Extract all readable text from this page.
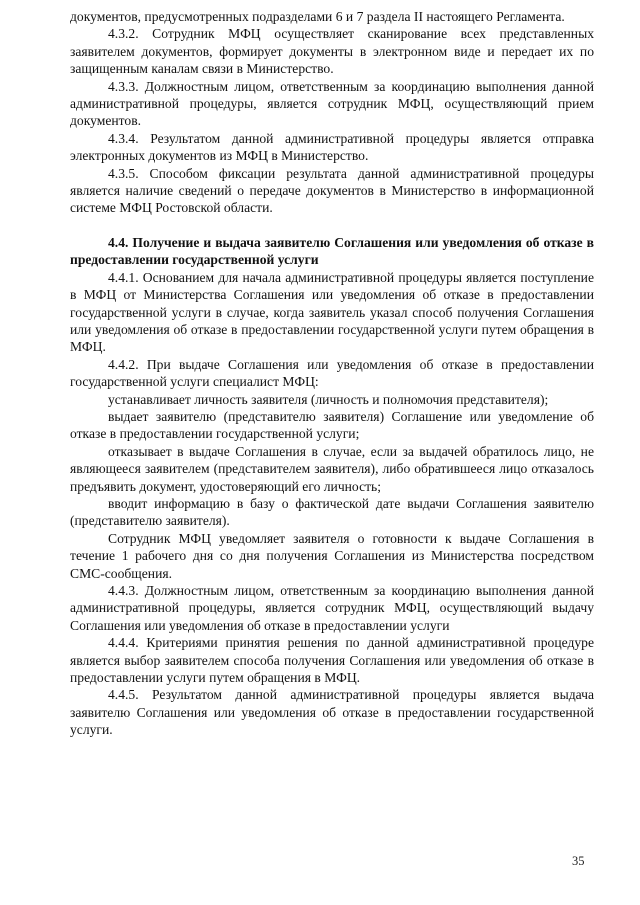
документов, предусмотренных подразделами 6 и 7 раздела II настоящего Регламента.

4.3.2. Сотрудник МФЦ осуществляет сканирование всех представленных заявителем документов, формирует документы в электронном виде и передает их по защищенным каналам связи в Министерство.

4.3.3. Должностным лицом, ответственным за координацию выполнения данной административной процедуры, является сотрудник МФЦ, осуществляющий прием документов.

4.3.4. Результатом данной административной процедуры является отправка электронных документов из МФЦ в Министерство.

4.3.5. Способом фиксации результата данной административной процедуры является наличие сведений о передаче документов в Министерство в информационной системе МФЦ Ростовской области.

4.4. Получение и выдача заявителю Соглашения или уведомления об отказе в предоставлении государственной услуги

4.4.1. Основанием для начала административной процедуры является поступление в МФЦ от Министерства Соглашения или уведомления об отказе в предоставлении государственной услуги в случае, когда заявитель указал способ получения Соглашения или уведомления об отказе в предоставлении государственной услуги путем обращения в МФЦ.

4.4.2. При выдаче Соглашения или уведомления об отказе в предоставлении государственной услуги специалист МФЦ:

устанавливает личность заявителя (личность и полномочия представителя);

выдает заявителю (представителю заявителя) Соглашение или уведомление об отказе в предоставлении государственной услуги;

отказывает в выдаче Соглашения в случае, если за выдачей обратилось лицо, не являющееся заявителем (представителем заявителя), либо обратившееся лицо отказалось предъявить документ, удостоверяющий его личность;

вводит информацию в базу о фактической дате выдачи Соглашения заявителю (представителю заявителя).

Сотрудник МФЦ уведомляет заявителя о готовности к выдаче Соглашения в течение 1 рабочего дня со дня получения Соглашения из Министерства посредством СМС-сообщения.

4.4.3. Должностным лицом, ответственным за координацию выполнения данной административной процедуры, является сотрудник МФЦ, осуществляющий выдачу Соглашения или уведомления об отказе в предоставлении услуги

4.4.4. Критериями принятия решения по данной административной процедуре является выбор заявителем способа получения Соглашения или уведомления об отказе в предоставлении услуги путем обращения в МФЦ.

4.4.5. Результатом данной административной процедуры является выдача заявителю Соглашения или уведомления об отказе в предоставлении государственной услуги.

35
